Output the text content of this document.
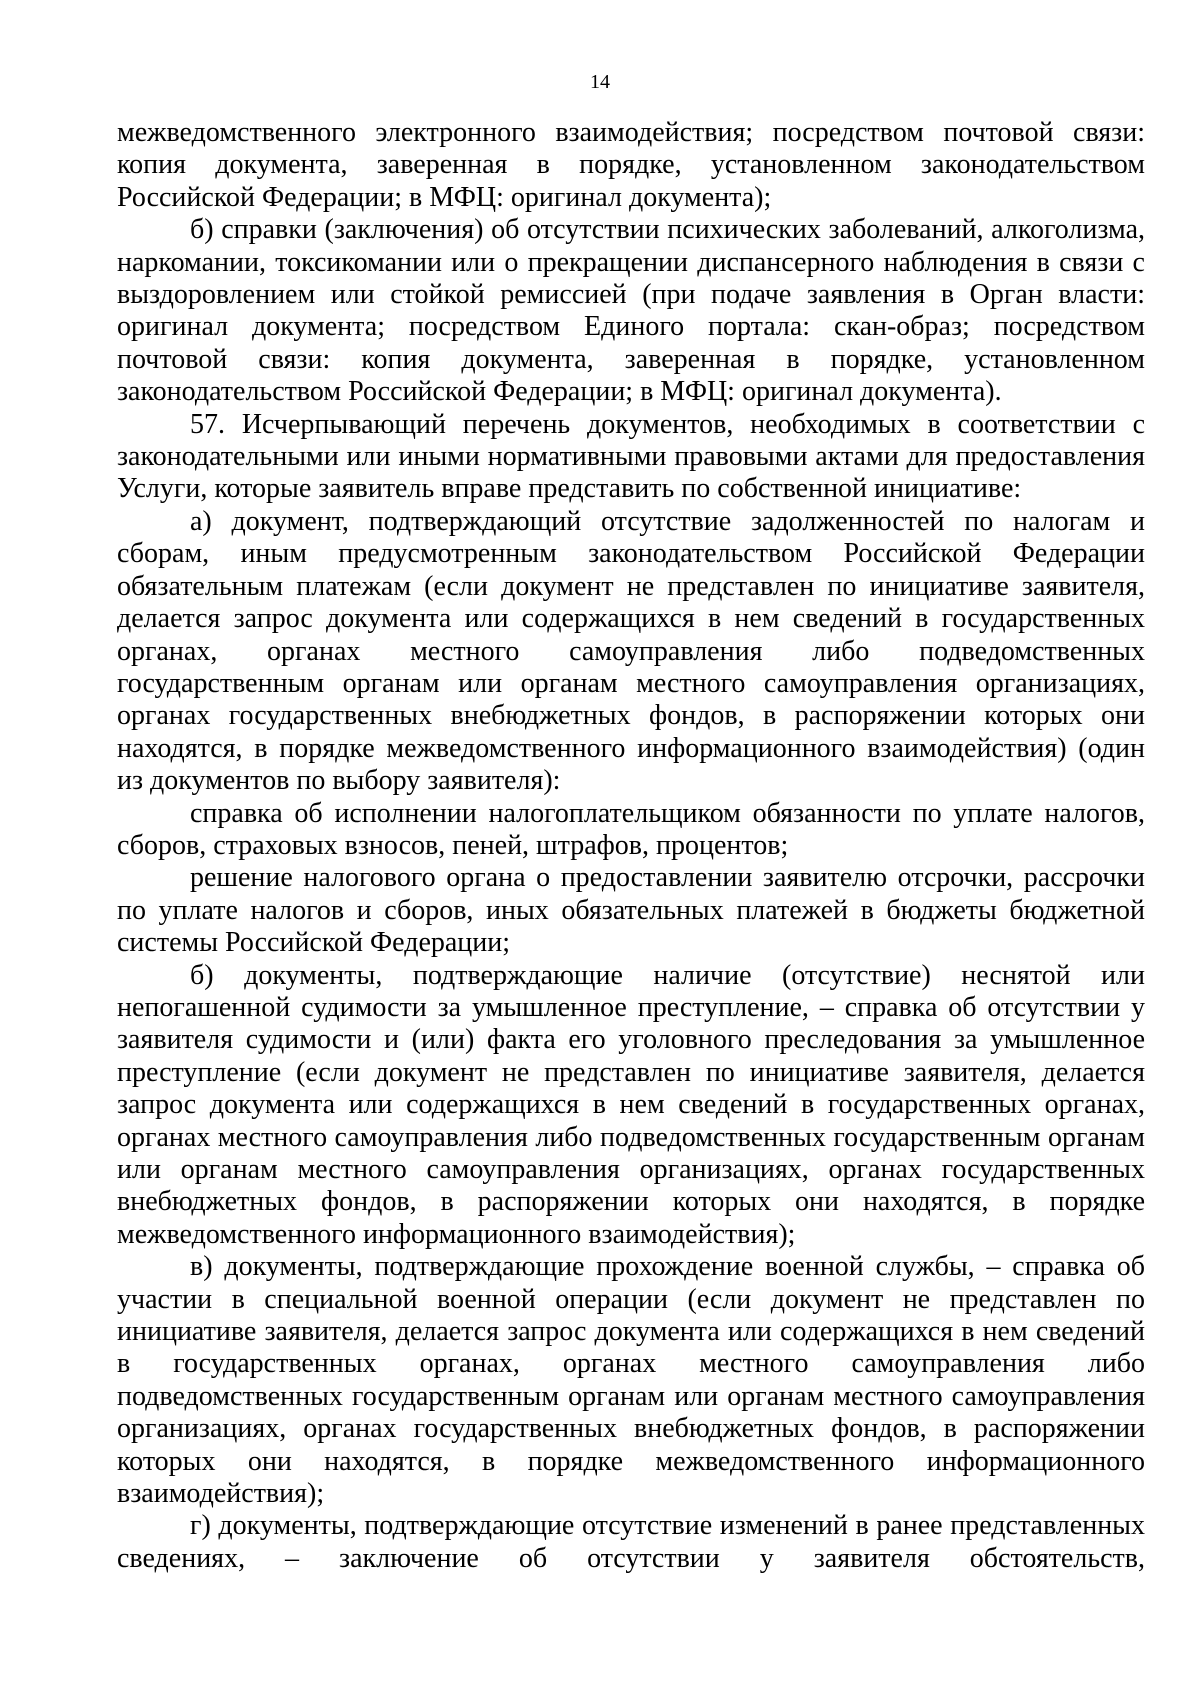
14

межведомственного электронного взаимодействия; посредством почтовой связи:

копия документа, заверенная в порядке, установленном законодательством

Российской Федерации; в МФЦ: оригинал документа);

б) справки (заключения) об отсутствии психических заболеваний, алкоголизма,

наркомании, токсикомании или о прекращении диспансерного наблюдения в связи с

выздоровлением или стойкой ремиссией (при подаче заявления в Орган власти:

оригинал документа; посредством Единого портала: скан-образ; посредством

почтовой связи: копия документа, заверенная в порядке, установленном

законодательством Российской Федерации; в МФЦ: оригинал документа).

57. Исчерпывающий перечень документов, необходимых в соответствии с

законодательными или иными нормативными правовыми актами для предоставления

Услуги, которые заявитель вправе представить по собственной инициативе:

а) документ, подтверждающий отсутствие задолженностей по налогам и

сборам, иным предусмотренным законодательством Российской Федерации

обязательным платежам (если документ не представлен по инициативе заявителя,

делается запрос документа или содержащихся в нем сведений в государственных

органах, органах местного самоуправления либо подведомственных

государственным органам или органам местного самоуправления организациях,

органах государственных внебюджетных фондов, в распоряжении которых они

находятся, в порядке межведомственного информационного взаимодействия) (один

из документов по выбору заявителя):

справка об исполнении налогоплательщиком обязанности по уплате налогов,

сборов, страховых взносов, пеней, штрафов, процентов;

решение налогового органа о предоставлении заявителю отсрочки, рассрочки

по уплате налогов и сборов, иных обязательных платежей в бюджеты бюджетной

системы Российской Федерации;

б) документы, подтверждающие наличие (отсутствие) неснятой или

непогашенной судимости за умышленное преступление, – справка об отсутствии у

заявителя судимости и (или) факта его уголовного преследования за умышленное

преступление (если документ не представлен по инициативе заявителя, делается

запрос документа или содержащихся в нем сведений в государственных органах,

органах местного самоуправления либо подведомственных государственным органам

или органам местного самоуправления организациях, органах государственных

внебюджетных фондов, в распоряжении которых они находятся, в порядке

межведомственного информационного взаимодействия);

в) документы, подтверждающие прохождение военной службы, – справка об

участии в специальной военной операции (если документ не представлен по

инициативе заявителя, делается запрос документа или содержащихся в нем сведений

в государственных органах, органах местного самоуправления либо

подведомственных государственным органам или органам местного самоуправления

организациях, органах государственных внебюджетных фондов, в распоряжении

которых они находятся, в порядке межведомственного информационного

взаимодействия);

г) документы, подтверждающие отсутствие изменений в ранее представленных

сведениях, – заключение об отсутствии у заявителя обстоятельств,
